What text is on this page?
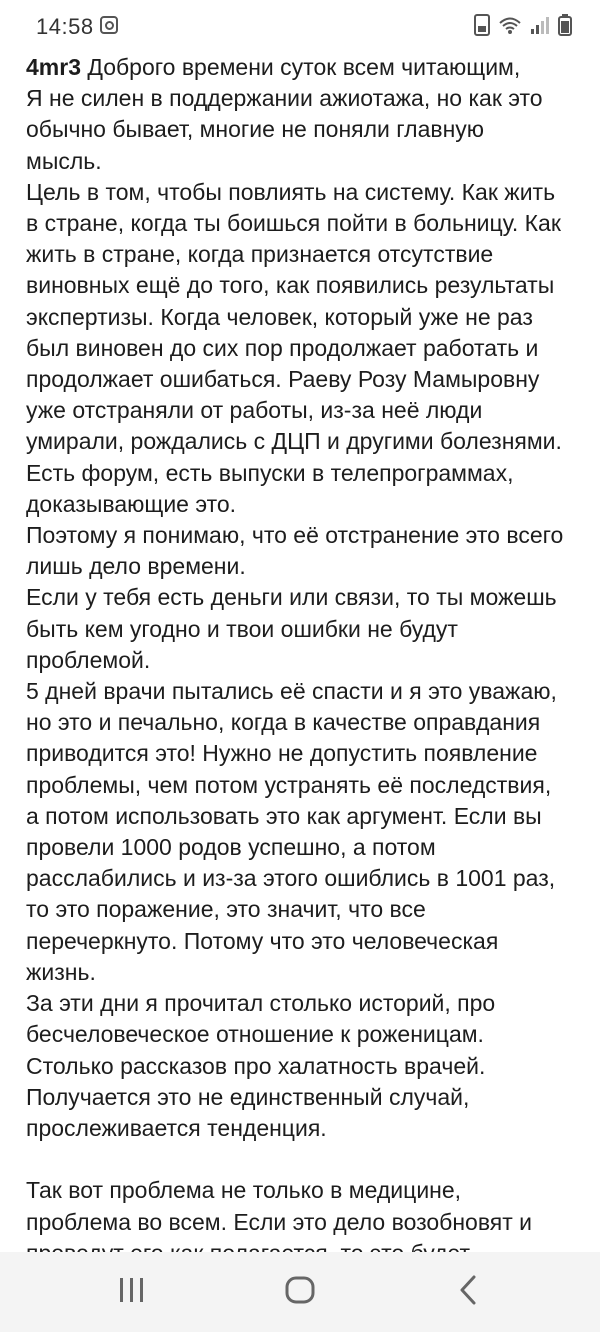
14:58
4mr3 Доброго времени суток всем читающим,
Я не силен в поддержании ажиотажа, но как это
обычно бывает, многие не поняли главную
мысль.
Цель в том, чтобы повлиять на систему. Как жить
в стране, когда ты боишься пойти в больницу. Как
жить в стране, когда признается отсутствие
виновных ещё до того, как появились результаты
экспертизы. Когда человек, который уже не раз
был виновен до сих пор продолжает работать и
продолжает ошибаться. Раеву Розу Мамыровну
уже отстраняли от работы, из-за неё люди
умирали, рождались с ДЦП и другими болезнями.
Есть форум, есть выпуски в телепрограммах,
доказывающие это.
Поэтому я понимаю, что её отстранение это всего
лишь дело времени.
Если у тебя есть деньги или связи, то ты можешь
быть кем угодно и твои ошибки не будут
проблемой.
5 дней врачи пытались её спасти и я это уважаю,
но это и печально, когда в качестве оправдания
приводится это! Нужно не допустить появление
проблемы, чем потом устранять её последствия,
а потом использовать это как аргумент. Если вы
провели 1000 родов успешно, а потом
расслабились и из-за этого ошиблись в 1001 раз,
то это поражение, это значит, что все
перечеркнуто. Потому что это человеческая
жизнь.
За эти дни я прочитал столько историй, про
бесчеловеческое отношение к роженицам.
Столько рассказов про халатность врачей.
Получается это не единственный случай,
прослеживается тенденция.
Так вот проблема не только в медицине,
проблема во всем. Если это дело возобновят и
